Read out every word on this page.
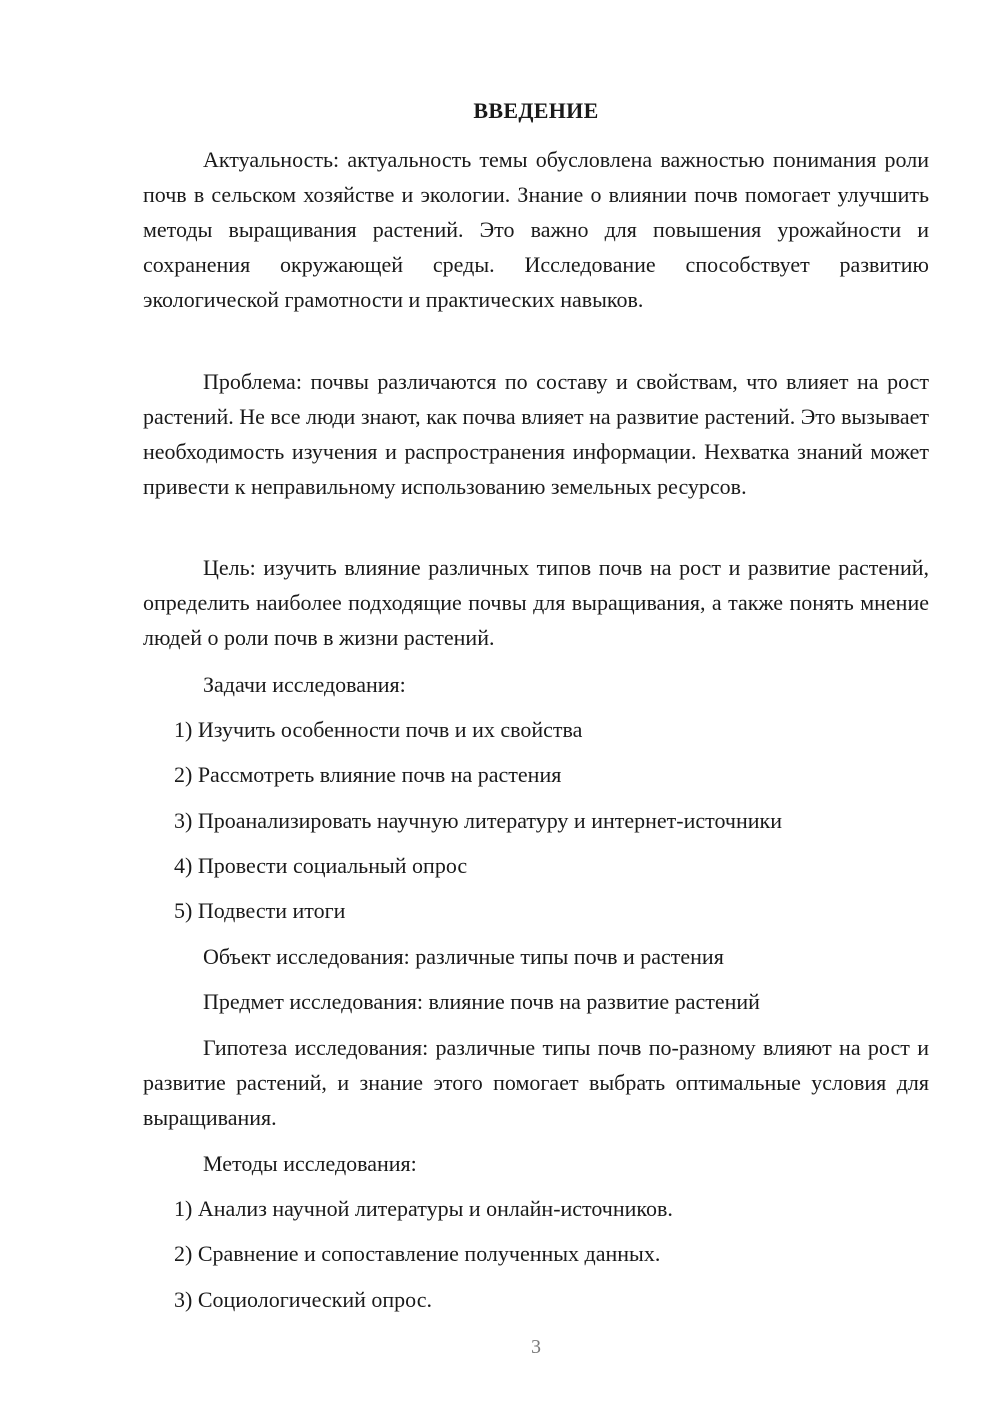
ВВЕДЕНИЕ

Актуальность: актуальность темы обусловлена важностью понимания роли почв в сельском хозяйстве и экологии. Знание о влиянии почв помогает улучшить методы выращивания растений. Это важно для повышения урожайности и сохранения окружающей среды. Исследование способствует развитию экологической грамотности и практических навыков.

Проблема: почвы различаются по составу и свойствам, что влияет на рост растений. Не все люди знают, как почва влияет на развитие растений. Это вызывает необходимость изучения и распространения информации. Нехватка знаний может привести к неправильному использованию земельных ресурсов.

Цель: изучить влияние различных типов почв на рост и развитие растений, определить наиболее подходящие почвы для выращивания, а также понять мнение людей о роли почв в жизни растений.

Задачи исследования:
1) Изучить особенности почв и их свойства
2) Рассмотреть влияние почв на растения
3) Проанализировать научную литературу и интернет-источники
4) Провести социальный опрос
5) Подвести итоги
Объект исследования: различные типы почв и растения
Предмет исследования: влияние почв на развитие растений

Гипотеза исследования: различные типы почв по-разному влияют на рост и развитие растений, и знание этого помогает выбрать оптимальные условия для выращивания.

Методы исследования:
1) Анализ научной литературы и онлайн-источников.
2) Сравнение и сопоставление полученных данных.
3) Социологический опрос.
3
